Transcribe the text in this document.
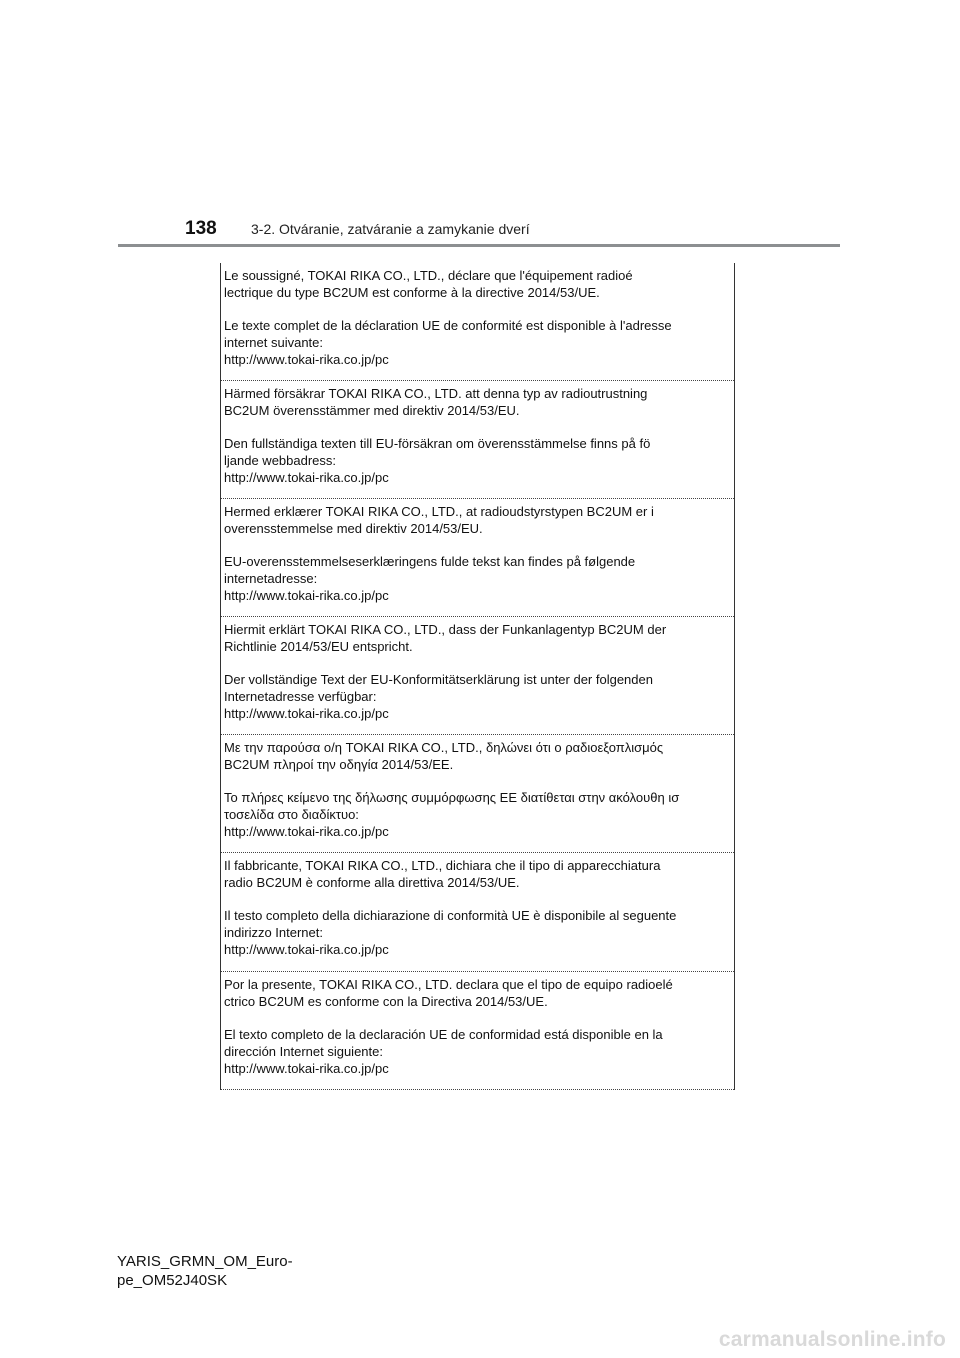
138	3-2. Otváranie, zatváranie a zamykanie dverí
Le soussigné, TOKAI RIKA CO., LTD., déclare que l'équipement radioé
lectrique du type BC2UM est conforme à la directive 2014/53/UE.
Le texte complet de la déclaration UE de conformité est disponible à l'adresse
internet suivante:
http://www.tokai-rika.co.jp/pc
Härmed försäkrar TOKAI RIKA CO., LTD. att denna typ av radioutrustning
BC2UM överensstämmer med direktiv 2014/53/EU.
Den fullständiga texten till EU-försäkran om överensstämmelse finns på fö
ljande webbadress:
http://www.tokai-rika.co.jp/pc
Hermed erklærer TOKAI RIKA CO., LTD., at radioudstyrstypen BC2UM er i
overensstemmelse med direktiv 2014/53/EU.
EU-overensstemmelseserklæringens fulde tekst kan findes på følgende
internetadresse:
http://www.tokai-rika.co.jp/pc
Hiermit erklärt TOKAI RIKA CO., LTD., dass der Funkanlagentyp BC2UM der
Richtlinie 2014/53/EU entspricht.
Der vollständige Text der EU-Konformitätserklärung ist unter der folgenden
Internetadresse verfügbar:
http://www.tokai-rika.co.jp/pc
Με την παρούσα ο/η TOKAI RIKA CO., LTD., δηλώνει ότι ο ραδιοεξοπλισμός
BC2UM πληροί την οδηγία 2014/53/ΕΕ.
Το πλήρες κείμενο της δήλωσης συμμόρφωσης ΕΕ διατίθεται στην ακόλουθη ισ
τοσελίδα στο διαδίκτυο:
http://www.tokai-rika.co.jp/pc
Il fabbricante, TOKAI RIKA CO., LTD., dichiara che il tipo di apparecchiatura
radio BC2UM è conforme alla direttiva 2014/53/UE.
Il testo completo della dichiarazione di conformità UE è disponibile al seguente
indirizzo Internet:
http://www.tokai-rika.co.jp/pc
Por la presente, TOKAI RIKA CO., LTD. declara que el tipo de equipo radioelé
ctrico BC2UM es conforme con la Directiva 2014/53/UE.
El texto completo de la declaración UE de conformidad está disponible en la
dirección Internet siguiente:
http://www.tokai-rika.co.jp/pc
YARIS_GRMN_OM_Euro-
pe_OM52J40SK
carmanualsonline.info
